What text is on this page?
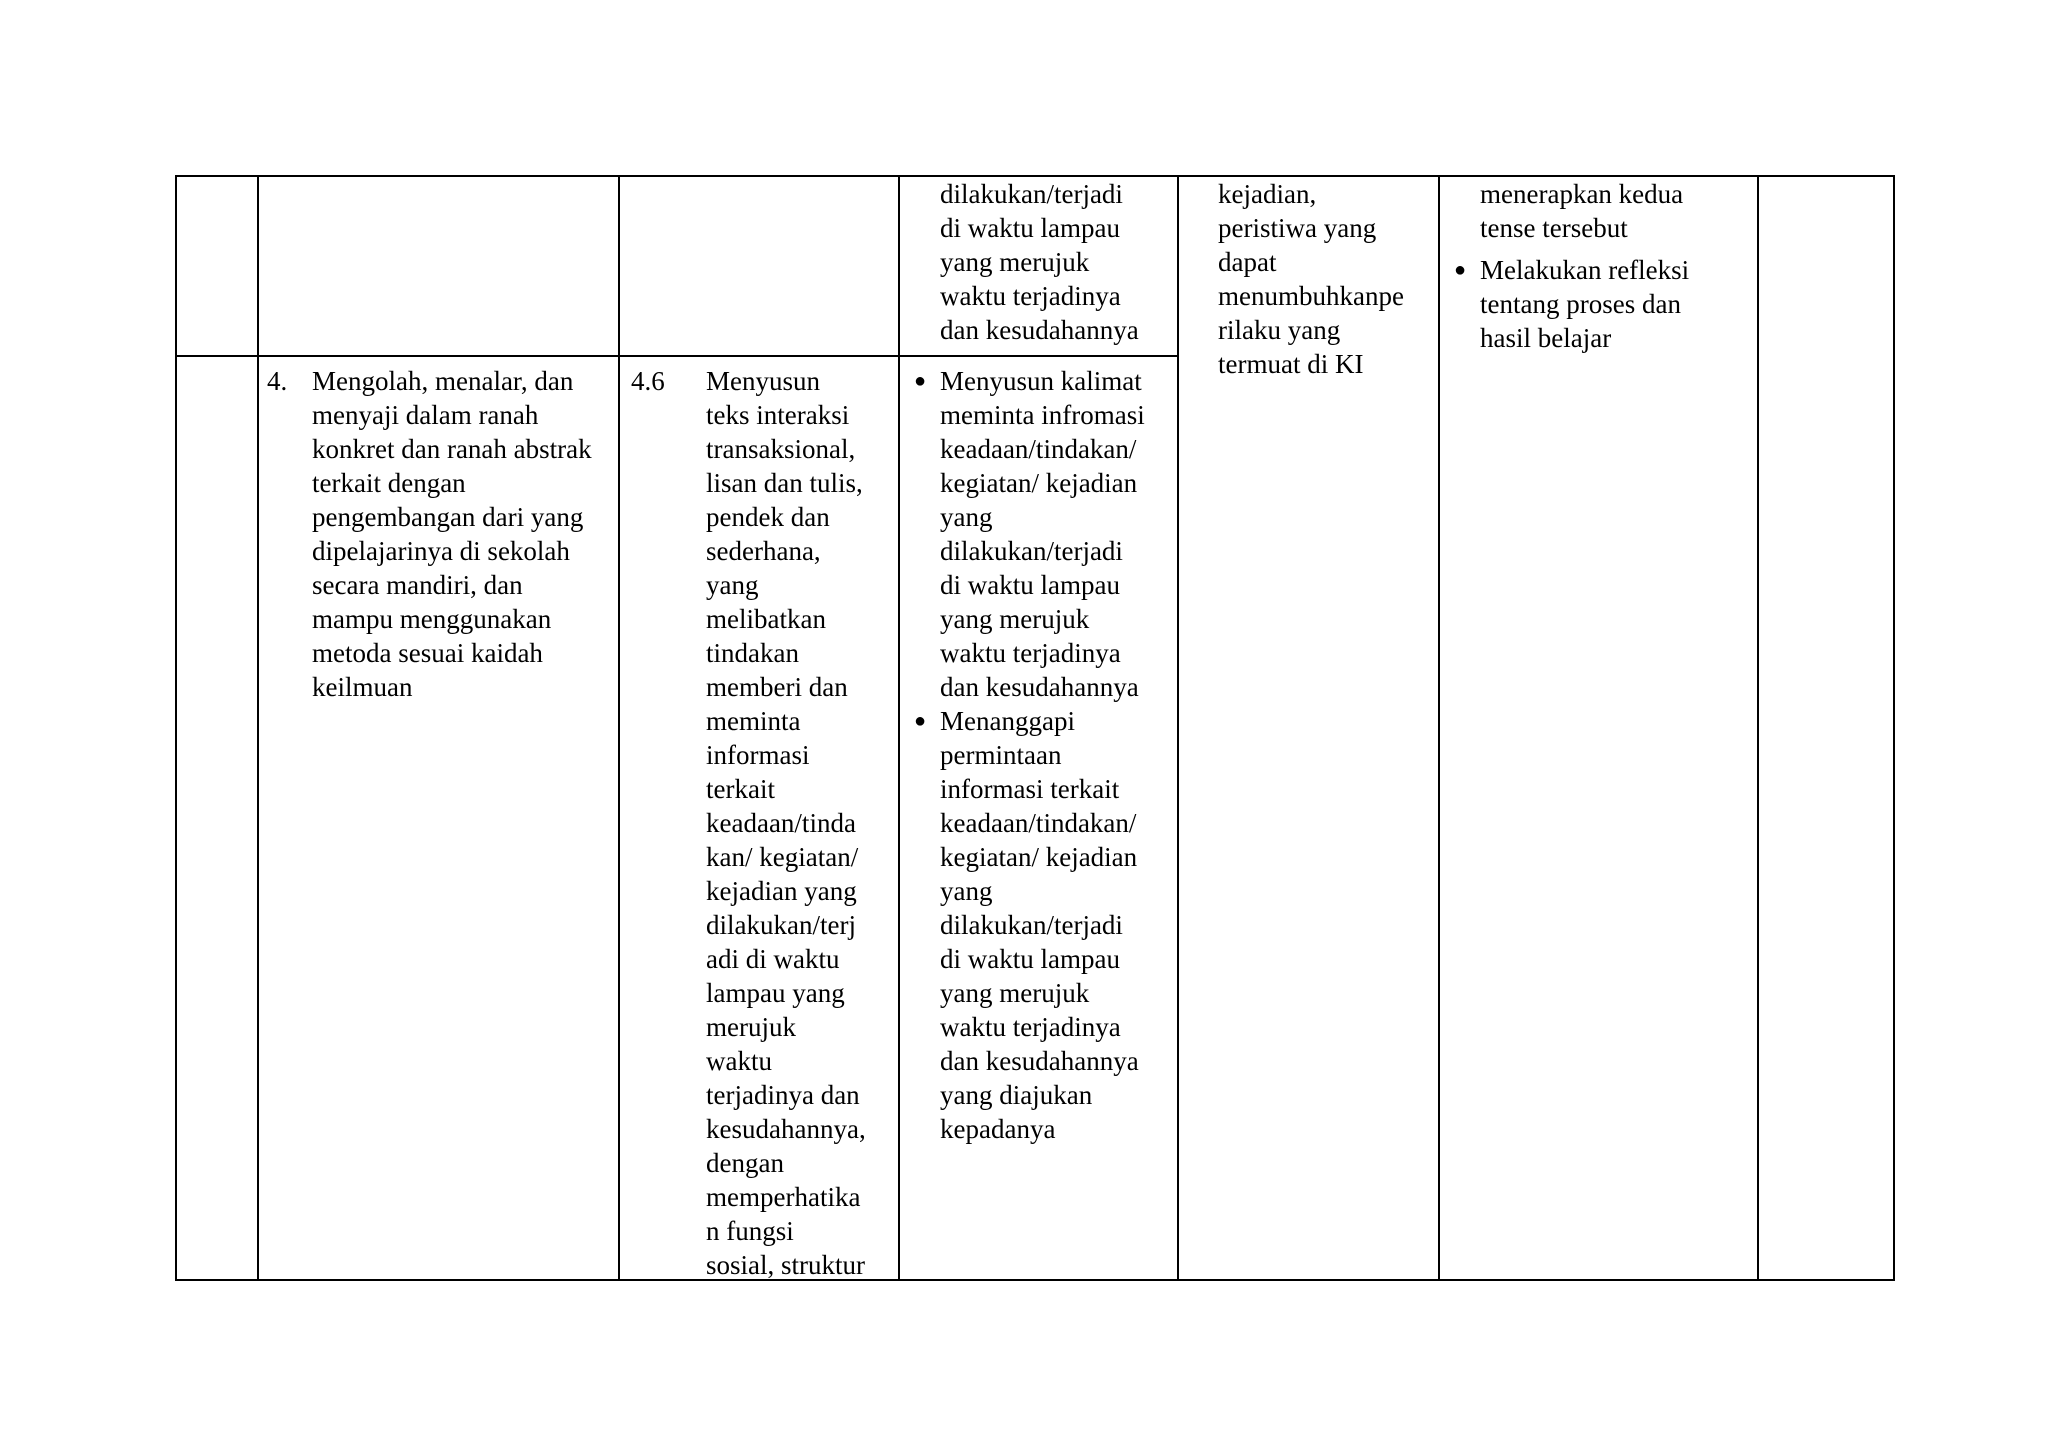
dilakukan/terjadi
di waktu lampau
yang merujuk
waktu terjadinya
dan kesudahannya
kejadian,
peristiwa yang
dapat
menumbuhkanpe
rilaku yang
termuat di KI
menerapkan kedua
tense tersebut
● Melakukan refleksi
tentang proses dan
hasil belajar
4. Mengolah, menalar, dan
menyaji dalam ranah
konkret dan ranah abstrak
terkait dengan
pengembangan dari yang
dipelajarinya di sekolah
secara mandiri, dan
mampu menggunakan
metoda sesuai kaidah
keilmuan
4.6 Menyusun
teks interaksi
transaksional,
lisan dan tulis,
pendek dan
sederhana,
yang
melibatkan
tindakan
memberi dan
meminta
informasi
terkait
keadaan/tinda
kan/ kegiatan/
kejadian yang
dilakukan/terj
adi di waktu
lampau yang
merujuk
waktu
terjadinya dan
kesudahannya,
dengan
memperhatika
n fungsi
sosial, struktur
● Menyusun kalimat
meminta infromasi
keadaan/tindakan/
kegiatan/ kejadian
yang
dilakukan/terjadi
di waktu lampau
yang merujuk
waktu terjadinya
dan kesudahannya
● Menanggapi
permintaan
informasi terkait
keadaan/tindakan/
kegiatan/ kejadian
yang
dilakukan/terjadi
di waktu lampau
yang merujuk
waktu terjadinya
dan kesudahannya
yang diajukan
kepadanya
